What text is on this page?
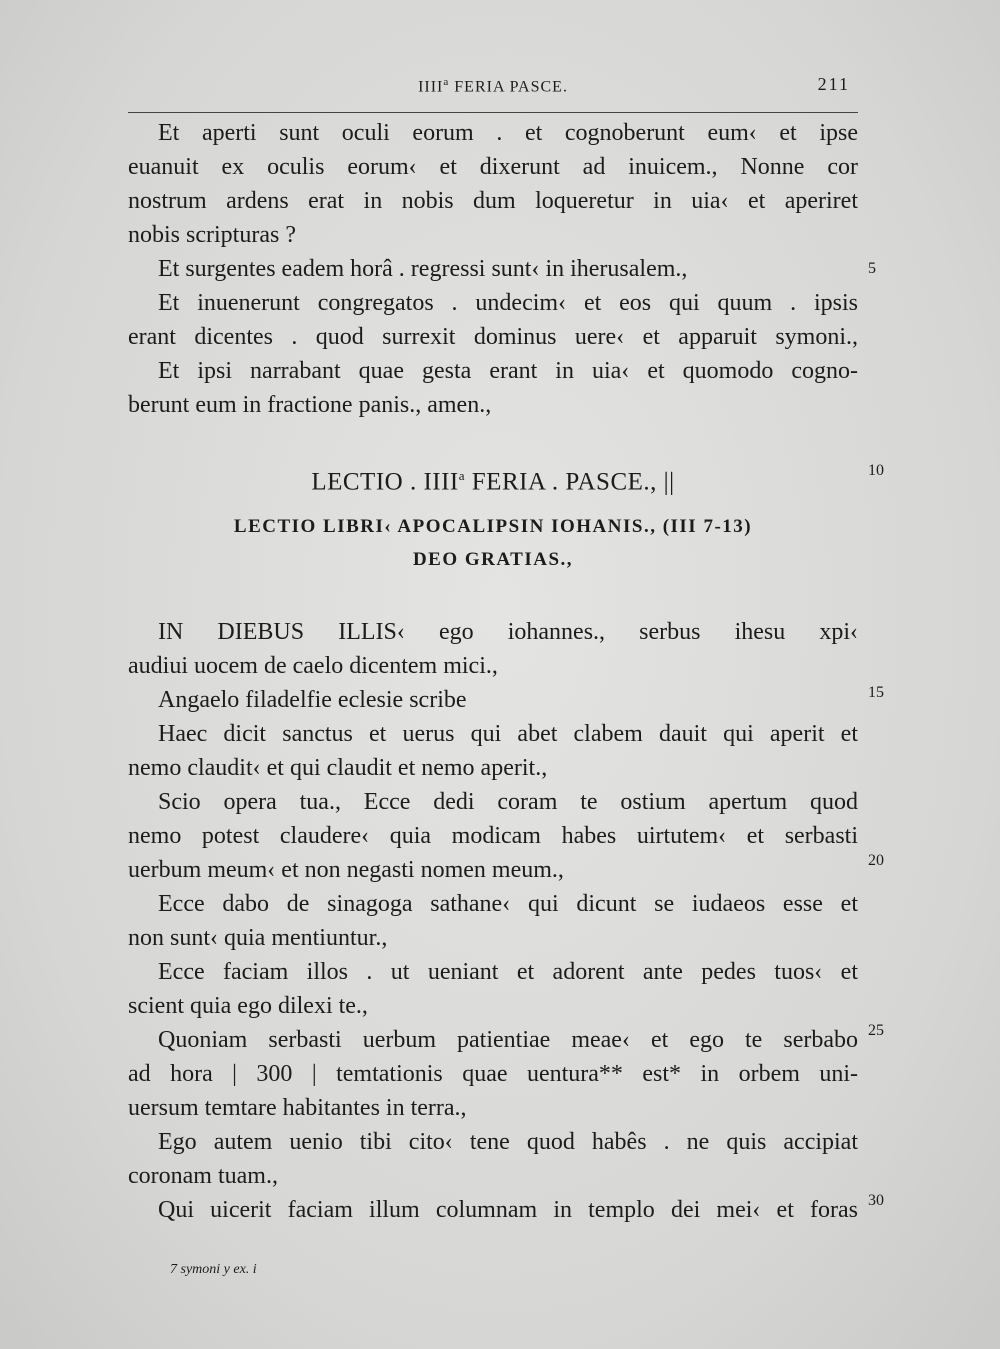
IIII$^a$ FERIA PASCE.	211
Et aperti sunt oculi eorum . et cognoberunt eum‹ et ipse
euanuit ex oculis eorum‹ et dixerunt ad inuicem., Nonne cor
nostrum ardens erat in nobis dum loqueretur in uia‹ et aperiret
nobis scripturas ?
Et surgentes eadem horâ . regressi sunt‹ in iherusalem.,
Et inuenerunt congregatos . undecim‹ et eos qui quum . ipsis
erant dicentes . quod surrexit dominus uere‹ et apparuit symoni.,
Et ipsi narrabant quae gesta erant in uia‹ et quomodo cogno-
berunt eum in fractione panis., amen.,
LECTIO . IIII$^a$ FERIA . PASCE., ||
LECTIO LIBRI‹ APOCALIPSIN IOHANIS., (III 7-13)
DEO GRATIAS.,
IN DIEBUS ILLIS‹ ego iohannes., serbus ihesu xpi‹
audiui uocem de caelo dicentem mici.,
Angaelo filadelfie eclesie scribe
Haec dicit sanctus et uerus qui abet clabem dauit qui aperit et
nemo claudit‹ et qui claudit et nemo aperit.,
Scio opera tua., Ecce dedi coram te ostium apertum quod
nemo potest claudere‹ quia modicam habes uirtutem‹ et serbasti
uerbum meum‹ et non negasti nomen meum.,
Ecce dabo de sinagoga sathane‹ qui dicunt se iudaeos esse et
non sunt‹ quia mentiuntur.,
Ecce faciam illos . ut ueniant et adorent ante pedes tuos‹ et
scient quia ego dilexi te.,
Quoniam serbasti uerbum patientiae meae‹ et ego te serbabo
ad hora | 300 | temtationis quae uentura** est* in orbem uni-
uersum temtare habitantes in terra.,
Ego autem uenio tibi cito‹ tene quod habês . ne quis accipiat
coronam tuam.,
Qui uicerit faciam illum columnam in templo dei mei‹ et foras
5
10
15
20
25
30
7 symoni y ex. i
